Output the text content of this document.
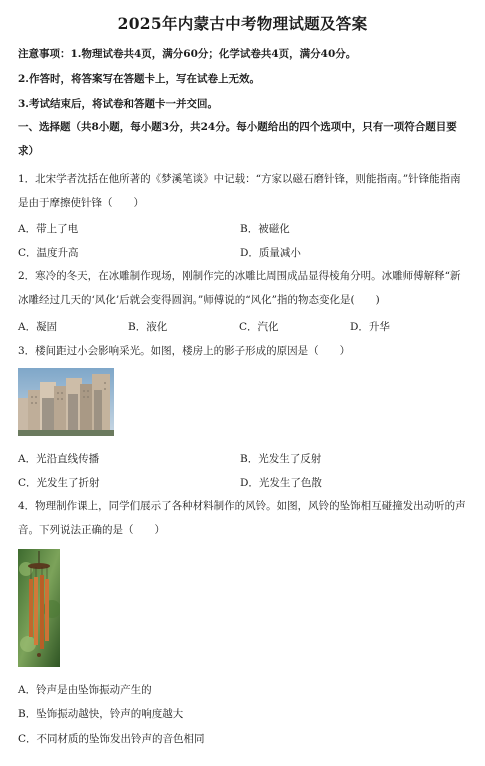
2025年内蒙古中考物理试题及答案
注意事项：1.物理试卷共4页，满分60分；化学试卷共4页，满分40分。
2.作答时，将答案写在答题卡上，写在试卷上无效。
3.考试结束后，将试卷和答题卡一并交回。
一、选择题（共8小题，每小题3分，共24分。每小题给出的四个选项中，只有一项符合题目要求）
1．北宋学者沈括在他所著的《梦溪笔谈》中记载：“方家以磁石磨针锋，则能指南。”针锋能指南是由于摩擦使针锋（　　）
A．带上了电	B．被磁化
C．温度升高	D．质量减小
2．寒冷的冬天，在冰雕制作现场，刚制作完的冰雕比周围成品显得棱角分明。冰雕师傅解释“新冰雕经过几天的‘风化’后就会变得圆润。”师傅说的“风化”指的物态变化是(　　)
A．凝固	B．液化	C．汽化	D．升华
3．楼间距过小会影响采光。如图，楼房上的影子形成的原因是（　　）
A．光沿直线传播	B．光发生了反射
C．光发生了折射	D．光发生了色散
4．物理制作课上，同学们展示了各种材料制作的风铃。如图，风铃的坠饰相互碰撞发出动听的声音。下列说法正确的是（　　）
A．铃声是由坠饰振动产生的
B．坠饰振动越快，铃声的响度越大
C．不同材质的坠饰发出铃声的音色相同
